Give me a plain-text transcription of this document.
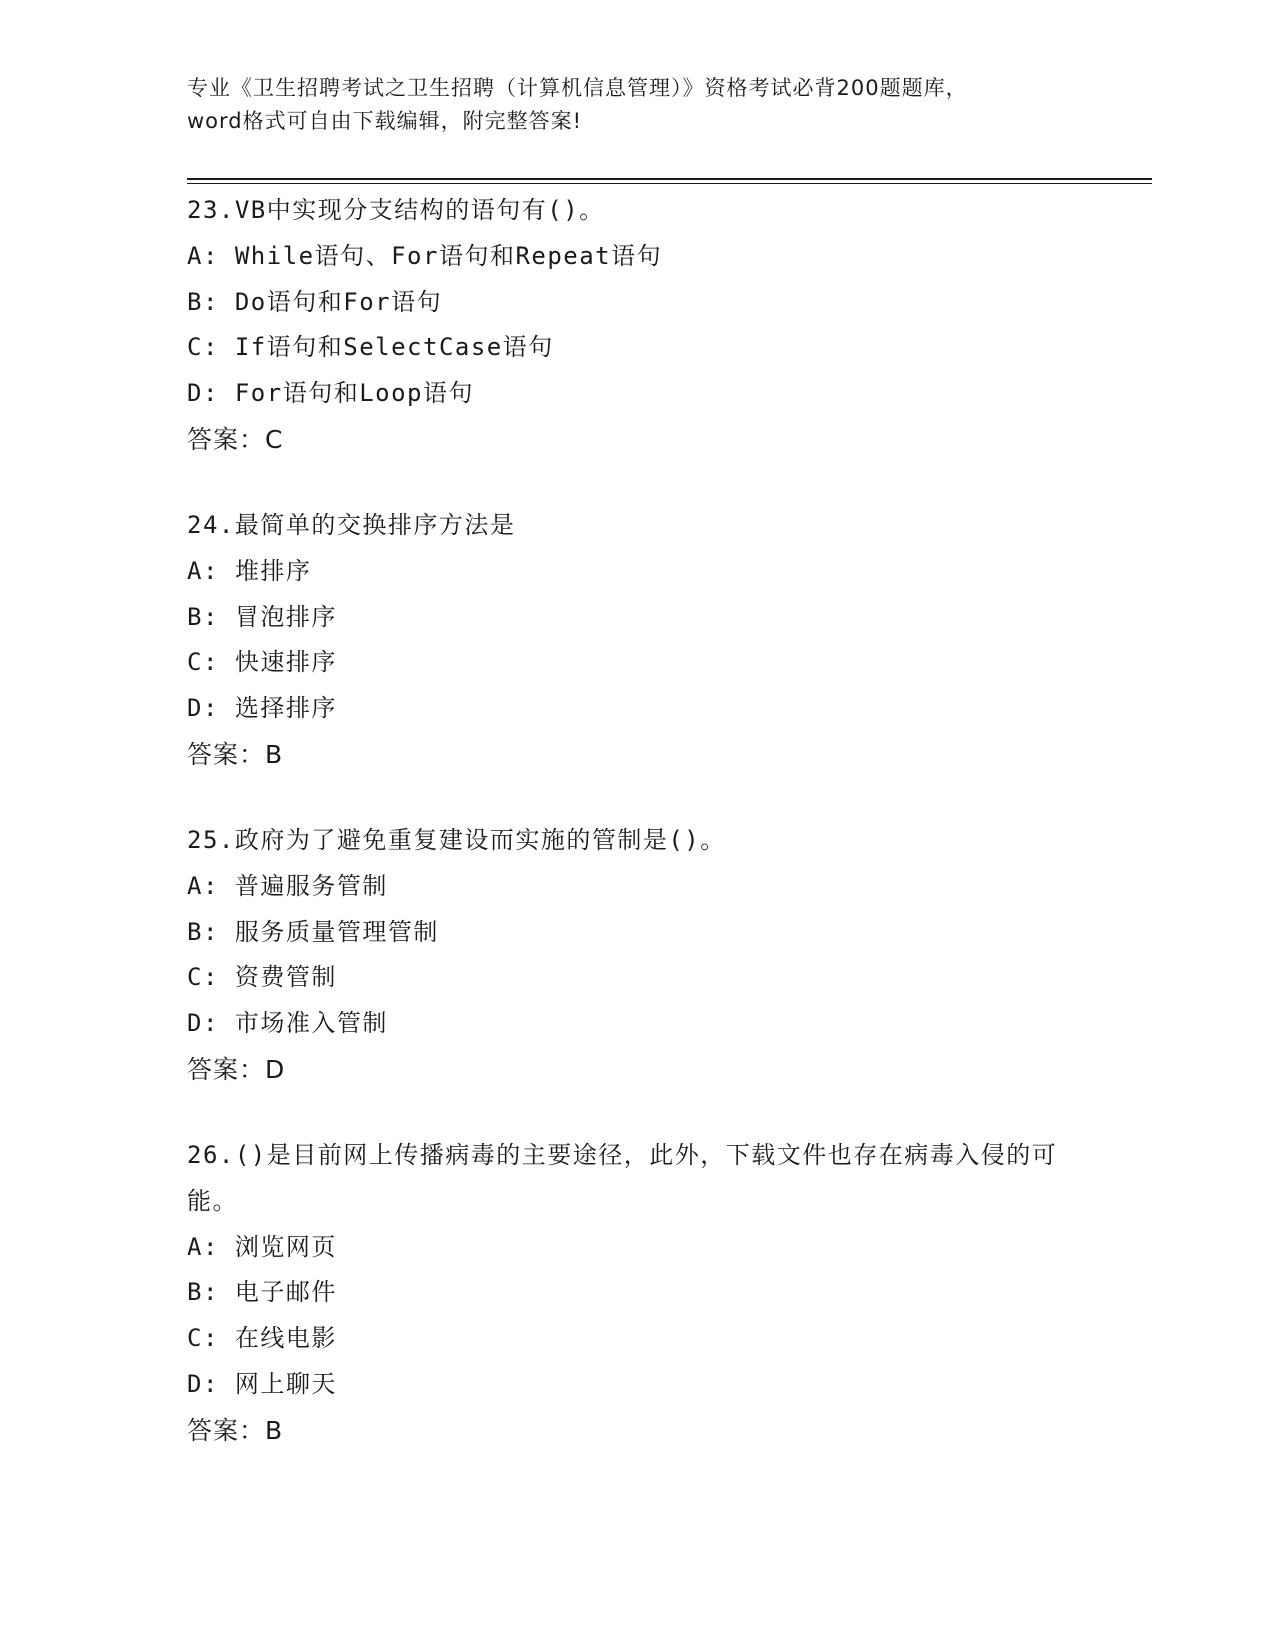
专业《卫生招聘考试之卫生招聘（计算机信息管理）》资格考试必背200题题库，
word格式可自由下载编辑，附完整答案!
23.VB中实现分支结构的语句有()。
A: While语句、For语句和Repeat语句
B: Do语句和For语句
C: If语句和SelectCase语句
D: For语句和Loop语句
答案：C
24.最简单的交换排序方法是
A: 堆排序
B: 冒泡排序
C: 快速排序
D: 选择排序
答案：B
25.政府为了避免重复建设而实施的管制是()。
A: 普遍服务管制
B: 服务质量管理管制
C: 资费管制
D: 市场准入管制
答案：D
26.()是目前网上传播病毒的主要途径，此外，下载文件也存在病毒入侵的可能。
A: 浏览网页
B: 电子邮件
C: 在线电影
D: 网上聊天
答案：B
